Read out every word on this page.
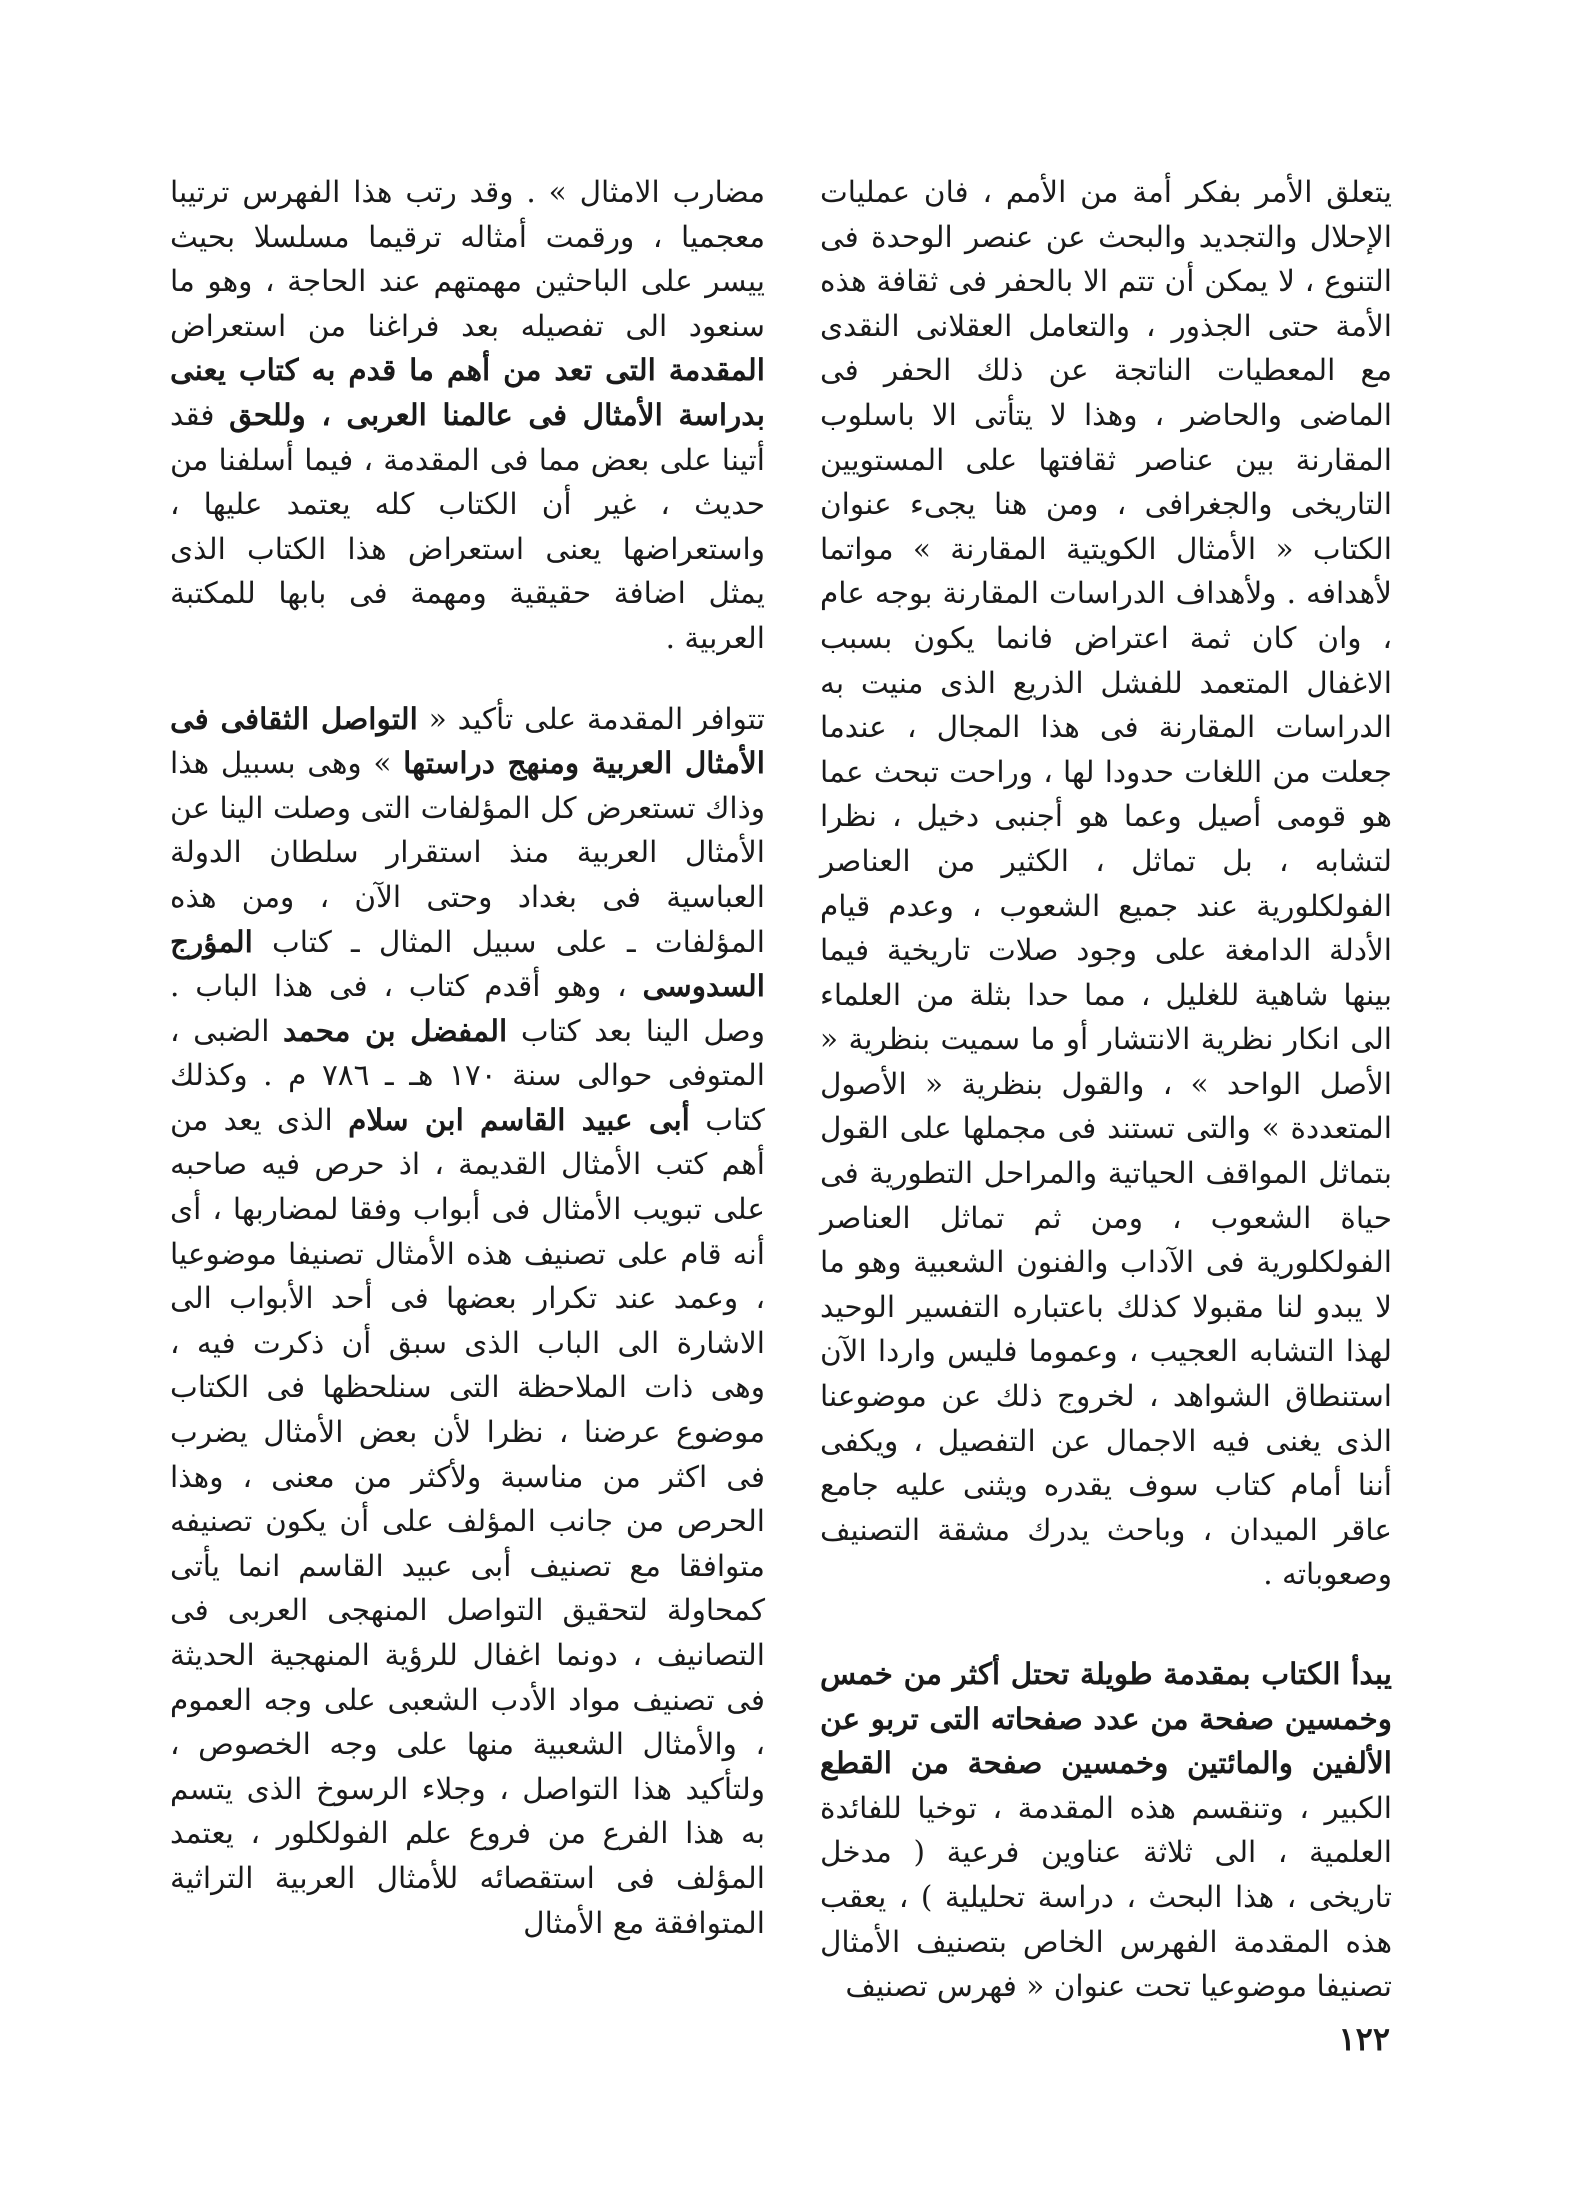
يتعلق الأمر بفكر أمة من الأمم ، فان عمليات الإحلال والتجديد والبحث عن عنصر الوحدة فى التنوع ، لا يمكن أن تتم الا بالحفر فى ثقافة هذه الأمة حتى الجذور ، والتعامل العقلانى النقدى مع المعطيات الناتجة عن ذلك الحفر فى الماضى والحاضر ، وهذا لا يتأتى الا باسلوب المقارنة بين عناصر ثقافتها على المستويين التاريخى والجغرافى ، ومن هنا يجىء عنوان الكتاب « الأمثال الكويتية المقارنة » مواتما لأهدافه . ولأهداف الدراسات المقارنة بوجه عام ، وان كان ثمة اعتراض فانما يكون بسبب الاغفال المتعمد للفشل الذريع الذى منيت به الدراسات المقارنة فى هذا المجال ، عندما جعلت من اللغات حدودا لها ، وراحت تبحث عما هو قومى أصيل وعما هو أجنبى دخيل ، نظرا لتشابه ، بل تماثل ، الكثير من العناصر الفولكلورية عند جميع الشعوب ، وعدم قيام الأدلة الدامغة على وجود صلات تاريخية فيما بينها شاهية للغليل ، مما حدا بثلة من العلماء الى انكار نظرية الانتشار أو ما سميت بنظرية « الأصل الواحد » ، والقول بنظرية « الأصول المتعددة » والتى تستند فى مجملها على القول بتماثل المواقف الحياتية والمراحل التطورية فى حياة الشعوب ، ومن ثم تماثل العناصر الفولكلورية فى الآداب والفنون الشعبية وهو ما لا يبدو لنا مقبولا كذلك باعتباره التفسير الوحيد لهذا التشابه العجيب ، وعموما فليس واردا الآن استنطاق الشواهد ، لخروج ذلك عن موضوعنا الذى يغنى فيه الاجمال عن التفصيل ، ويكفى أننا أمام كتاب سوف يقدره ويثنى عليه جامع عاقر الميدان ، وباحث يدرك مشقة التصنيف وصعوباته .

يبدأ الكتاب بمقدمة طويلة تحتل أكثر من خمس وخمسين صفحة من عدد صفحاته التى تربو عن الألفين والمائتين وخمسين صفحة من القطع الكبير ، وتنقسم هذه المقدمة ، توخيا للفائدة العلمية ، الى ثلاثة عناوين فرعية ( مدخل تاريخى ، هذا البحث ، دراسة تحليلية ) ، يعقب هذه المقدمة الفهرس الخاص بتصنيف الأمثال تصنيفا موضوعيا تحت عنوان « فهرس تصنيف

مضارب الامثال » . وقد رتب هذا الفهرس ترتيبا معجميا ، ورقمت أمثاله ترقيما مسلسلا بحيث ييسر على الباحثين مهمتهم عند الحاجة ، وهو ما سنعود الى تفصيله بعد فراغنا من استعراض المقدمة التى تعد من أهم ما قدم به كتاب يعنى بدراسة الأمثال فى عالمنا العربى ، وللحق فقد أتينا على بعض مما فى المقدمة ، فيما أسلفنا من حديث ، غير أن الكتاب كله يعتمد عليها ، واستعراضها يعنى استعراض هذا الكتاب الذى يمثل اضافة حقيقية ومهمة فى بابها للمكتبة العربية .

تتوافر المقدمة على تأكيد « التواصل الثقافى فى الأمثال العربية ومنهج دراستها » وهى بسبيل هذا وذاك تستعرض كل المؤلفات التى وصلت الينا عن الأمثال العربية منذ استقرار سلطان الدولة العباسية فى بغداد وحتى الآن ، ومن هذه المؤلفات ـ على سبيل المثال ـ كتاب المؤرج السدوسى ، وهو أقدم كتاب ، فى هذا الباب . وصل الينا بعد كتاب المفضل بن محمد الضبى ، المتوفى حوالى سنة ١٧٠ هـ ـ ٧٨٦ م . وكذلك كتاب أبى عبيد القاسم ابن سلام الذى يعد من أهم كتب الأمثال القديمة ، اذ حرص فيه صاحبه على تبويب الأمثال فى أبواب وفقا لمضاربها ، أى أنه قام على تصنيف هذه الأمثال تصنيفا موضوعيا ، وعمد عند تكرار بعضها فى أحد الأبواب الى الاشارة الى الباب الذى سبق أن ذكرت فيه ، وهى ذات الملاحظة التى سنلحظها فى الكتاب موضوع عرضنا ، نظرا لأن بعض الأمثال يضرب فى اكثر من مناسبة ولأكثر من معنى ، وهذا الحرص من جانب المؤلف على أن يكون تصنيفه متوافقا مع تصنيف أبى عبيد القاسم انما يأتى كمحاولة لتحقيق التواصل المنهجى العربى فى التصانيف ، دونما اغفال للرؤية المنهجية الحديثة فى تصنيف مواد الأدب الشعبى على وجه العموم ، والأمثال الشعبية منها على وجه الخصوص ، ولتأكيد هذا التواصل ، وجلاء الرسوخ الذى يتسم به هذا الفرع من فروع علم الفولكلور ، يعتمد المؤلف فى استقصائه للأمثال العربية التراثية المتوافقة مع الأمثال

١٢٢
